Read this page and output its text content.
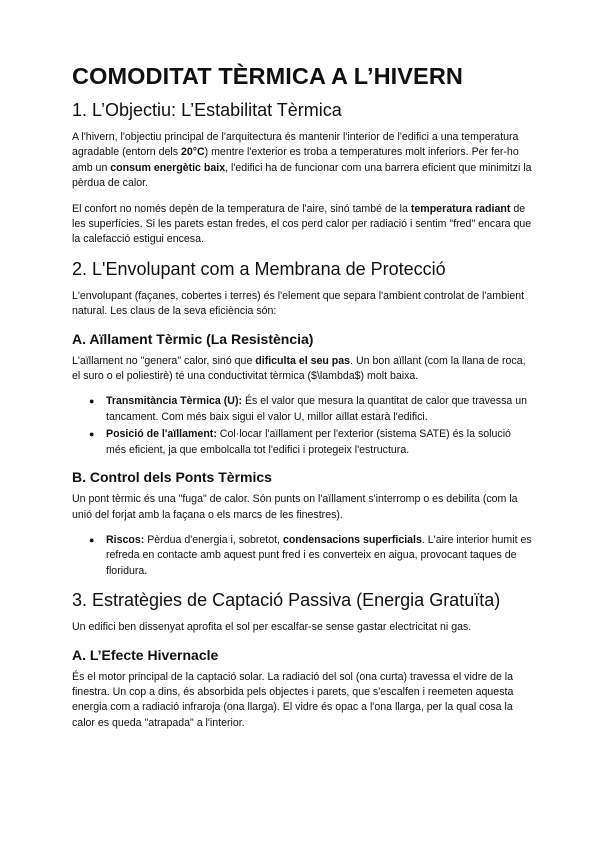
COMODITAT TÈRMICA A L’HIVERN
1. L’Objectiu: L’Estabilitat Tèrmica

A l'hivern, l'objectiu principal de l'arquitectura és mantenir l'interior de l'edifici a una temperatura agradable (entorn dels 20°C) mentre l'exterior es troba a temperatures molt inferiors. Per fer-ho amb un consum energètic baix, l'edifici ha de funcionar com una barrera eficient que minimitzi la pèrdua de calor.

El confort no només depèn de la temperatura de l'aire, sinó també de la temperatura radiant de les superfícies. Si les parets estan fredes, el cos perd calor per radiació i sentim "fred" encara que la calefacció estigui encesa.

2. L'Envolupant com a Membrana de Protecció

L'envolupant (façanes, cobertes i terres) és l'element que separa l'ambient controlat de l'ambient natural. Les claus de la seva eficiència són:

A. Aïllament Tèrmic (La Resistència)

L'aïllament no "genera" calor, sinó que dificulta el seu pas. Un bon aïllant (com la llana de roca, el suro o el poliestirè) té una conductivitat tèrmica ($\lambda$) molt baixa.

● Transmitància Tèrmica (U): És el valor que mesura la quantitat de calor que travessa un tancament. Com més baix sigui el valor U, millor aïllat estarà l'edifici.
● Posició de l'aïllament: Col·locar l'aïllament per l'exterior (sistema SATE) és la solució més eficient, ja que embolcalla tot l'edifici i protegeix l'estructura.
B. Control dels Ponts Tèrmics

Un pont tèrmic és una "fuga" de calor. Són punts on l'aïllament s'interromp o es debilita (com la unió del forjat amb la façana o els marcs de les finestres).

● Riscos: Pèrdua d'energia i, sobretot, condensacions superficials. L'aire interior humit es refreda en contacte amb aquest punt fred i es converteix en aigua, provocant taques de floridura.
3. Estratègies de Captació Passiva (Energia Gratuïta)

Un edifici ben dissenyat aprofita el sol per escalfar-se sense gastar electricitat ni gas.

A. L’Efecte Hivernacle

És el motor principal de la captació solar. La radiació del sol (ona curta) travessa el vidre de la finestra. Un cop a dins, és absorbida pels objectes i parets, que s'escalfen i reemeten aquesta energia com a radiació infraroja (ona llarga). El vidre és opac a l'ona llarga, per la qual cosa la calor es queda "atrapada" a l'interior.
